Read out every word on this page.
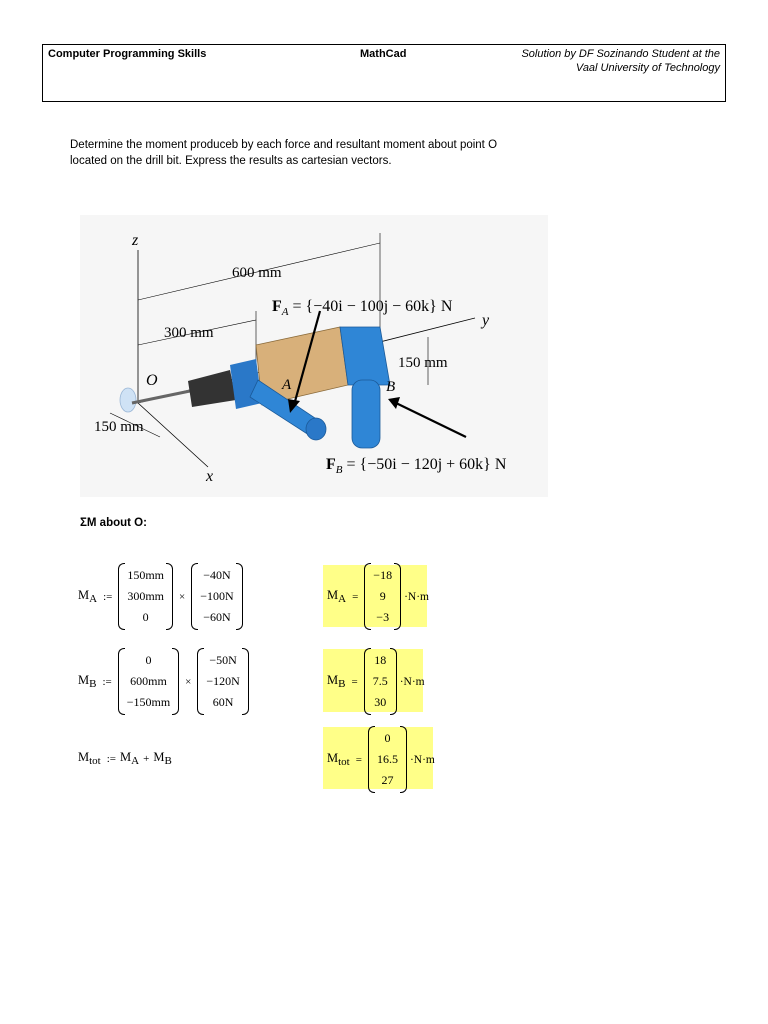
Computer Programming Skills	MathCad	Solution by DF Sozinando Student at the
Vaal University of Technology
Determine the moment produceb by each force and resultant moment about point O
located on the drill bit. Express the results as cartesian vectors.
z
y
x
O	A	B
600 mm
300 mm
150 mm
150 mm
$F_A = \{-40i - 100j - 60k\}$ N
$F_B = \{-50i - 120j + 60k\}$ N
ΣM about O:
$M_A$ :=
150mm
300mm
0
×
−40N
−100N
−60N
$M_A$ =
−18
9
−3
·N·m
$M_B$ :=
0
600mm
−150mm
×
−50N
−120N
60N
$M_B$ =
18
7.5
30
·N·m
$M_{tot}$ := $M_A + M_B$	$M_{tot}$ =
0
16.5
27
·N·m
